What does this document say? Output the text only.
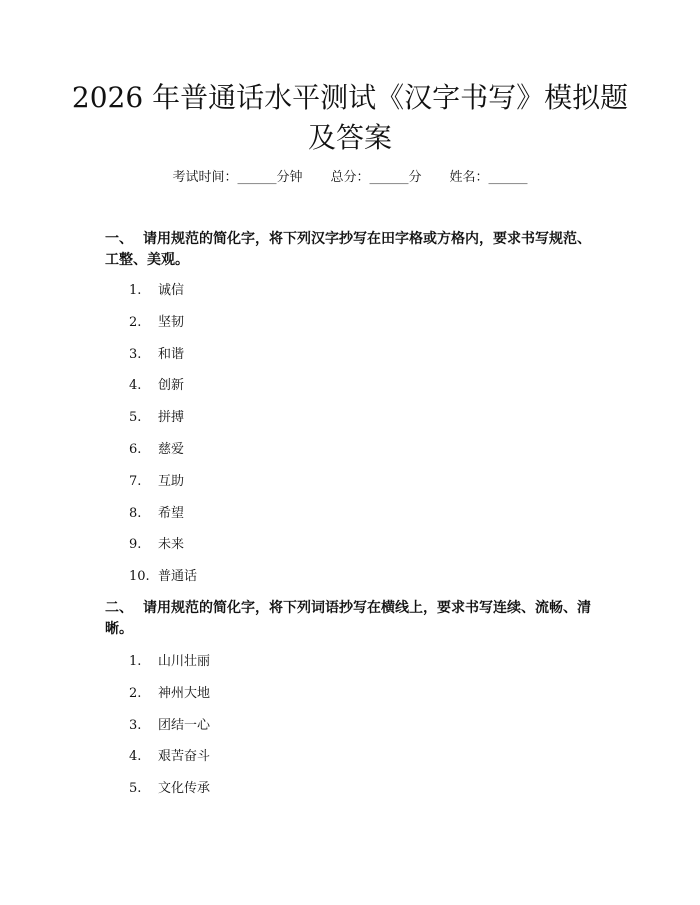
2026 年普通话水平测试《汉字书写》模拟题及答案
考试时间：______分钟 总分：______分 姓名：______

一、 请用规范的简化字，将下列汉字抄写在田字格或方格内，要求书写规范、工整、美观。

1. 诚信
2. 坚韧
3. 和谐
4. 创新
5. 拼搏
6. 慈爱
7. 互助
8. 希望
9. 未来
10. 普通话

二、 请用规范的简化字，将下列词语抄写在横线上，要求书写连续、流畅、清晰。

1. 山川壮丽
2. 神州大地
3. 团结一心
4. 艰苦奋斗
5. 文化传承
